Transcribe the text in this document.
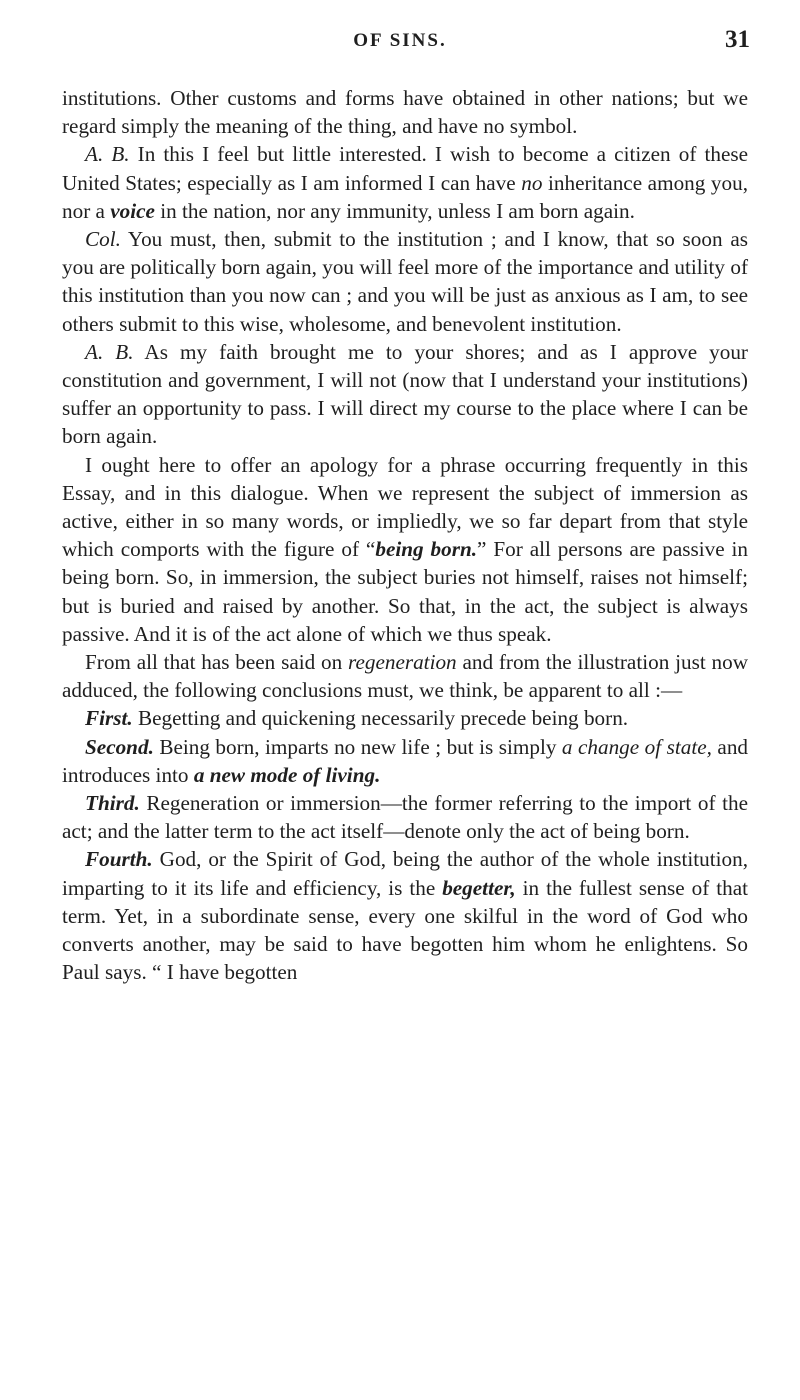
OF SINS.	31

institutions. Other customs and forms have obtained in other nations; but we regard simply the meaning of the thing, and have no symbol.

A. B. In this I feel but little interested. I wish to become a citizen of these United States; especially as I am informed I can have no inheritance among you, nor a voice in the nation, nor any immunity, unless I am born again.

Col. You must, then, submit to the institution ; and I know, that so soon as you are politically born again, you will feel more of the importance and utility of this institution than you now can ; and you will be just as anxious as I am, to see others submit to this wise, wholesome, and benevolent institution.

A. B. As my faith brought me to your shores; and as I approve your constitution and government, I will not (now that I understand your institutions) suffer an opportunity to pass. I will direct my course to the place where I can be born again.

I ought here to offer an apology for a phrase occurring frequently in this Essay, and in this dialogue. When we represent the subject of immersion as active, either in so many words, or impliedly, we so far depart from that style which comports with the figure of “being born.” For all persons are passive in being born. So, in immersion, the subject buries not himself, raises not himself; but is buried and raised by another. So that, in the act, the subject is always passive. And it is of the act alone of which we thus speak.

From all that has been said on regeneration and from the illustration just now adduced, the following conclusions must, we think, be apparent to all :—

First. Begetting and quickening necessarily precede being born.

Second. Being born, imparts no new life ; but is simply a change of state, and introduces into a new mode of living.

Third. Regeneration or immersion—the former referring to the import of the act; and the latter term to the act itself—denote only the act of being born.

Fourth. God, or the Spirit of God, being the author of the whole institution, imparting to it its life and efficiency, is the begetter, in the fullest sense of that term. Yet, in a subordinate sense, every one skilful in the word of God who converts another, may be said to have begotten him whom he enlightens. So Paul says. “ I have begotten
